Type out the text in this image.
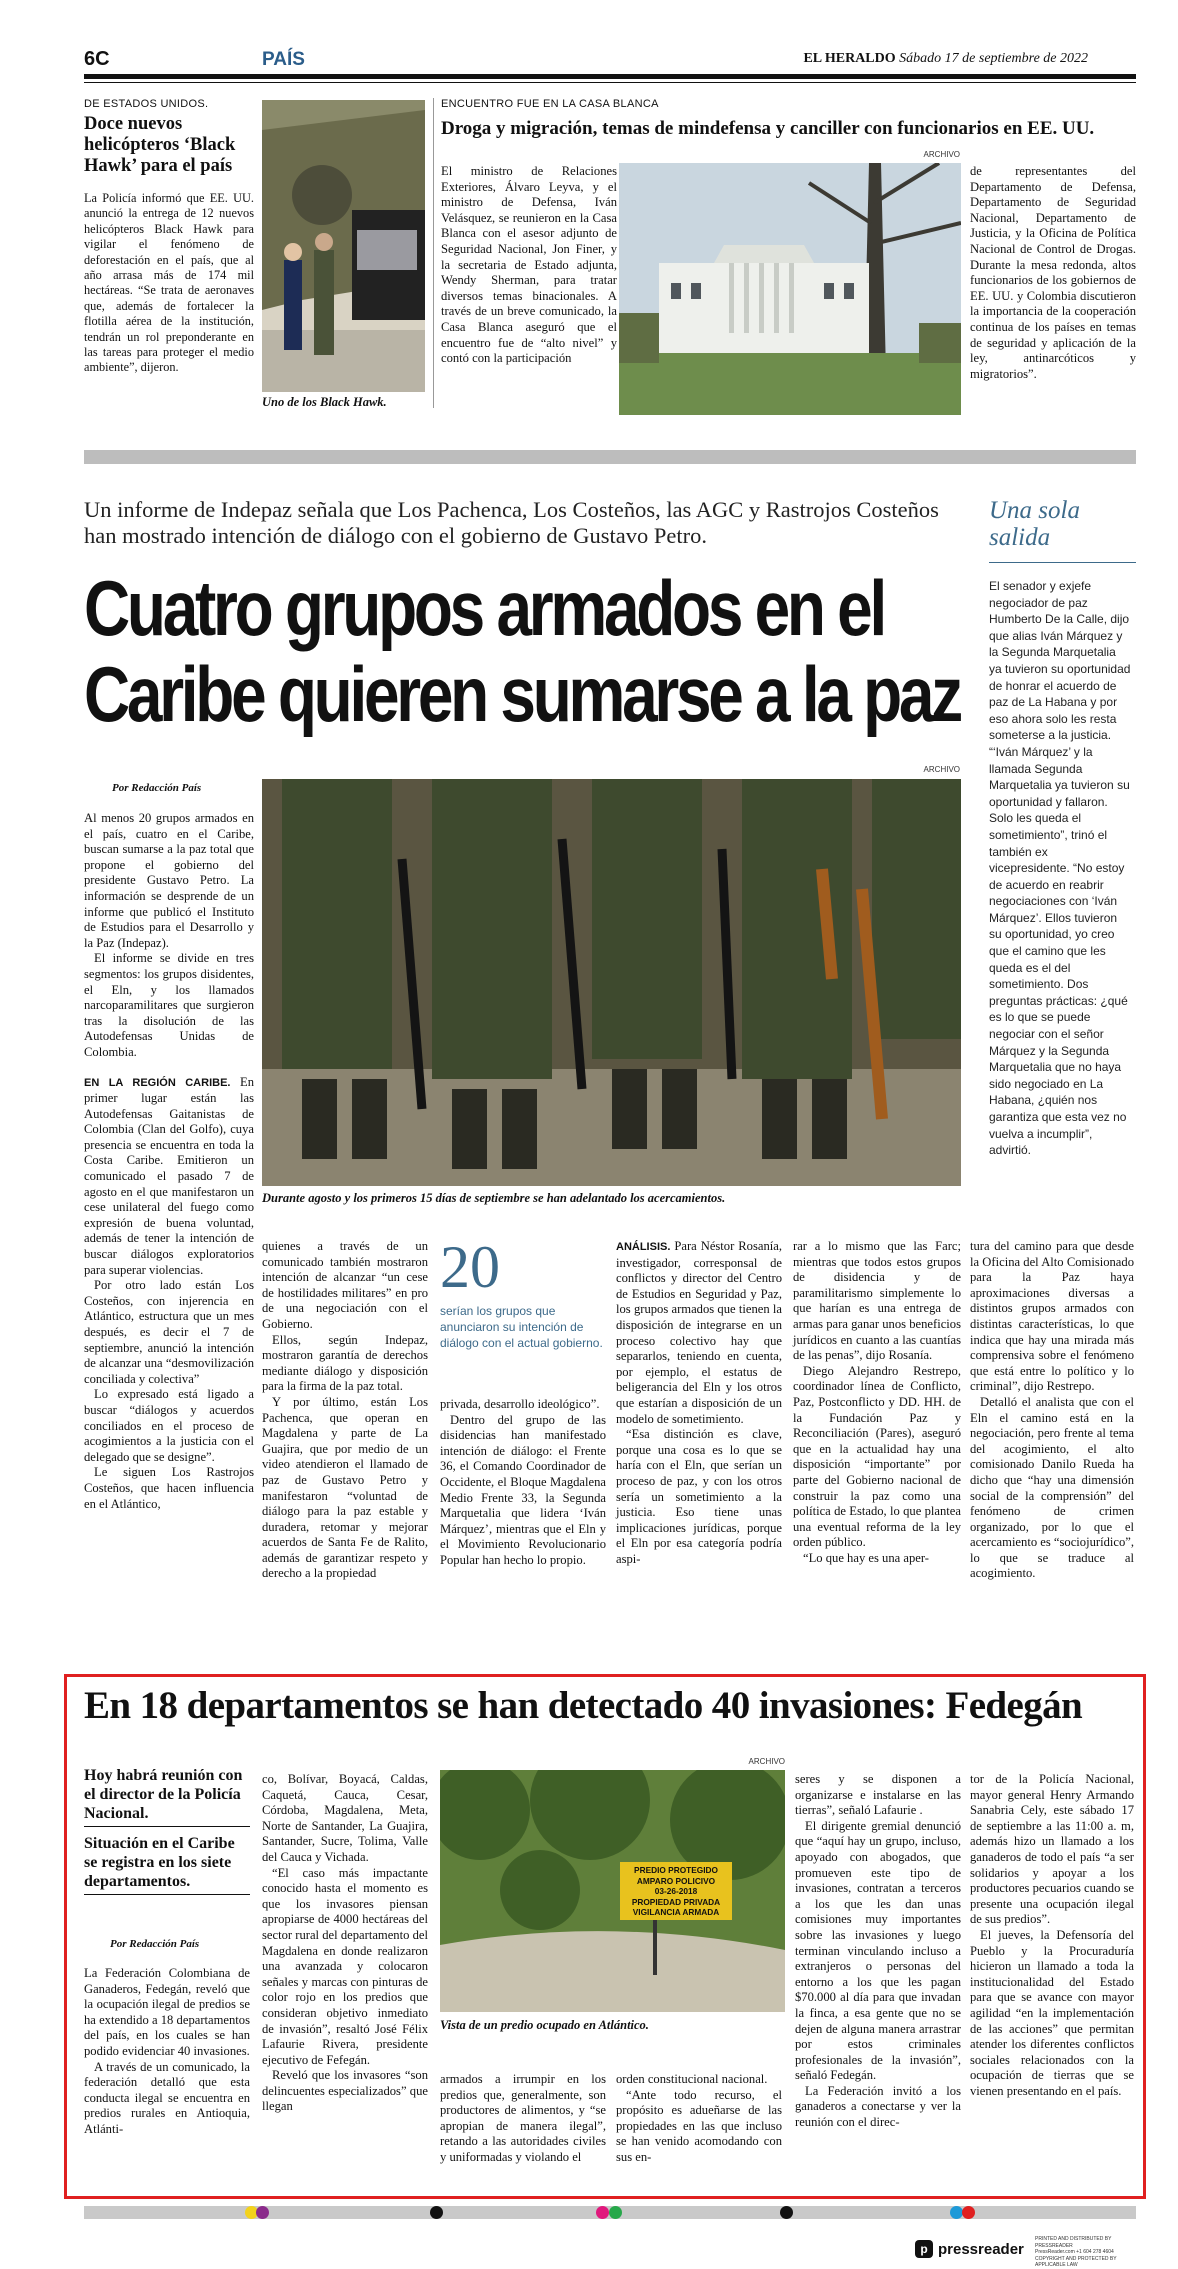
6C	PAÍS	EL HERALDO Sábado 17 de septiembre de 2022
DE ESTADOS UNIDOS.
Doce nuevos helicópteros ‘Black Hawk’ para el país
La Policía informó que EE. UU. anunció la entrega de 12 nuevos helicópteros Black Hawk para vigilar el fenómeno de deforestación en el país, que al año arrasa más de 174 mil hectáreas. “Se trata de aeronaves que, además de fortalecer la flotilla aérea de la institución, tendrán un rol preponderante en las tareas para proteger el medio ambiente”, dijeron.
Uno de los Black Hawk.
ENCUENTRO FUE EN LA CASA BLANCA
Droga y migración, temas de mindefensa y canciller con funcionarios en EE. UU.
ARCHIVO
El ministro de Relaciones Exteriores, Álvaro Leyva, y el ministro de Defensa, Iván Velásquez, se reunieron en la Casa Blanca con el asesor adjunto de Seguridad Nacional, Jon Finer, y la secretaria de Estado adjunta, Wendy Sherman, para tratar diversos temas binacionales. A través de un breve comunicado, la Casa Blanca aseguró que el encuentro fue de “alto nivel” y contó con la participación
de representantes del Departamento de Defensa, Departamento de Seguridad Nacional, Departamento de Justicia, y la Oficina de Política Nacional de Control de Drogas. Durante la mesa redonda, altos funcionarios de los gobiernos de EE. UU. y Colombia discutieron la importancia de la cooperación continua de los países en temas de seguridad y aplicación de la ley, antinarcóticos y migratorios”.
Un informe de Indepaz señala que Los Pachenca, Los Costeños, las AGC y Rastrojos Costeños han mostrado intención de diálogo con el gobierno de Gustavo Petro.
Cuatro grupos armados en el
Caribe quieren sumarse a la paz
Una sola salida
El senador y exjefe negociador de paz Humberto De la Calle, dijo que alias Iván Márquez y la Segunda Marquetalia ya tuvieron su oportunidad de honrar el acuerdo de paz de La Habana y por eso ahora solo les resta someterse a la justicia. “‘Iván Márquez’ y la llamada Segunda Marquetalia ya tuvieron su oportunidad y fallaron. Solo les queda el sometimiento”, trinó el también ex vicepresidente. “No estoy de acuerdo en reabrir negociaciones con ‘Iván Márquez’. Ellos tuvieron su oportunidad, yo creo que el camino que les queda es el del sometimiento. Dos preguntas prácticas: ¿qué es lo que se puede negociar con el señor Márquez y la Segunda Marquetalia que no haya sido negociado en La Habana, ¿quién nos garantiza que esta vez no vuelva a incumplir”, advirtió.
Por Redacción País
ARCHIVO
Durante agosto y los primeros 15 días de septiembre se han adelantado los acercamientos.

Al menos 20 grupos armados en el país, cuatro en el Caribe, buscan sumarse a la paz total que propone el gobierno del presidente Gustavo Petro. La información se desprende de un informe que publicó el Instituto de Estudios para el Desarrollo y la Paz (Indepaz).

El informe se divide en tres segmentos: los grupos disidentes, el Eln, y los llamados narcoparamilitares que surgieron tras la disolución de las Autodefensas Unidas de Colombia.

EN LA REGIÓN CARIBE. En primer lugar están las Autodefensas Gaitanistas de Colombia (Clan del Golfo), cuya presencia se encuentra en toda la Costa Caribe. Emitieron un comunicado el pasado 7 de agosto en el que manifestaron un cese unilateral del fuego como expresión de buena voluntad, además de tener la intención de buscar diálogos exploratorios para superar violencias.

Por otro lado están Los Costeños, con injerencia en Atlántico, estructura que un mes después, es decir el 7 de septiembre, anunció la intención de alcanzar una “desmovilización conciliada y colectiva”

Lo expresado está ligado a buscar “diálogos y acuerdos conciliados en el proceso de acogimientos a la justicia con el delegado que se designe”.

Le siguen Los Rastrojos Costeños, que hacen influencia en el Atlántico,

quienes a través de un comunicado también mostraron intención de alcanzar “un cese de hostilidades militares” en pro de una negociación con el Gobierno.

Ellos, según Indepaz, mostraron garantía de derechos mediante diálogo y disposición para la firma de la paz total.

Y por último, están Los Pachenca, que operan en Magdalena y parte de La Guajira, que por medio de un video atendieron el llamado de paz de Gustavo Petro y manifestaron “voluntad de diálogo para la paz estable y duradera, retomar y mejorar acuerdos de Santa Fe de Ralito, además de garantizar respeto y derecho a la propiedad

20
serían los grupos que anunciaron su intención de diálogo con el actual gobierno.

privada, desarrollo ideológico”.

Dentro del grupo de las disidencias han manifestado intención de diálogo: el Frente 36, el Comando Coordinador de Occidente, el Bloque Magdalena Medio Frente 33, la Segunda Marquetalia que lidera ‘Iván Márquez’, mientras que el Eln y el Movimiento Revolucionario Popular han hecho lo propio.

ANÁLISIS. Para Néstor Rosanía, investigador, corresponsal de conflictos y director del Centro de Estudios en Seguridad y Paz, los grupos armados que tienen la disposición de integrarse en un proceso colectivo hay que separarlos, teniendo en cuenta, por ejemplo, el estatus de beligerancia del Eln y los otros que estarían a disposición de un modelo de sometimiento.

“Esa distinción es clave, porque una cosa es lo que se haría con el Eln, que serían un proceso de paz, y con los otros sería un sometimiento a la justicia. Eso tiene unas implicaciones jurídicas, porque el Eln por esa categoría podría aspi-

rar a lo mismo que las Farc; mientras que todos estos grupos de disidencia y de paramilitarismo simplemente lo que harían es una entrega de armas para ganar unos beneficios jurídicos en cuanto a las cuantías de las penas”, dijo Rosanía.

Diego Alejandro Restrepo, coordinador línea de Conflicto, Paz, Postconflicto y DD. HH. de la Fundación Paz y Reconciliación (Pares), aseguró que en la actualidad hay una disposición “importante” por parte del Gobierno nacional de construir la paz como una política de Estado, lo que plantea una eventual reforma de la ley orden público.

“Lo que hay es una aper-

tura del camino para que desde la Oficina del Alto Comisionado para la Paz haya aproximaciones diversas a distintos grupos armados con distintas características, lo que indica que hay una mirada más comprensiva sobre el fenómeno que está entre lo político y lo criminal”, dijo Restrepo.

Detalló el analista que con el Eln el camino está en la negociación, pero frente al tema del acogimiento, el alto comisionado Danilo Rueda ha dicho que “hay una dimensión social de la comprensión” del fenómeno de crimen organizado, por lo que el acercamiento es “sociojurídico”, lo que se traduce al acogimiento.

En 18 departamentos se han detectado 40 invasiones: Fedegán
Hoy habrá reunión con el director de la Policía Nacional.
Situación en el Caribe se registra en los siete departamentos.
Por Redacción País

La Federación Colombiana de Ganaderos, Fedegán, reveló que la ocupación ilegal de predios se ha extendido a 18 departamentos del país, en los cuales se han podido evidenciar 40 invasiones.

A través de un comunicado, la federación detalló que esta conducta ilegal se encuentra en predios rurales en Antioquia, Atlánti-

co, Bolívar, Boyacá, Caldas, Caquetá, Cauca, Cesar, Córdoba, Magdalena, Meta, Norte de Santander, La Guajira, Santander, Sucre, Tolima, Valle del Cauca y Vichada.

“El caso más impactante conocido hasta el momento es que los invasores piensan apropiarse de 4000 hectáreas del sector rural del departamento del Magdalena en donde realizaron una avanzada y colocaron señales y marcas con pinturas de color rojo en los predios que consideran objetivo inmediato de invasión”, resaltó José Félix Lafaurie Rivera, presidente ejecutivo de Fefegán.

Reveló que los invasores “son delincuentes especializados” que llegan

ARCHIVO
PREDIO PROTEGIDO
AMPARO POLICIVO
03-26-2018
PROPIEDAD PRIVADA
VIGILANCIA ARMADA
Vista de un predio ocupado en Atlántico.

armados a irrumpir en los predios que, generalmente, son productores de alimentos, y “se apropian de manera ilegal”, retando a las autoridades civiles y uniformadas y violando el

orden constitucional nacional.

“Ante todo recurso, el propósito es adueñarse de las propiedades en las que incluso se han venido acomodando con sus en-

seres y se disponen a organizarse e instalarse en las tierras”, señaló Lafaurie .

El dirigente gremial denunció que “aquí hay un grupo, incluso, apoyado con abogados, que promueven este tipo de invasiones, contratan a terceros a los que les dan unas comisiones muy importantes sobre las invasiones y luego terminan vinculando incluso a extranjeros o personas del entorno a los que les pagan $70.000 al día para que invadan la finca, a esa gente que no se dejen de alguna manera arrastrar por estos criminales profesionales de la invasión”, señaló Fedegán.

La Federación invitó a los ganaderos a conectarse y ver la reunión con el direc-

tor de la Policía Nacional, mayor general Henry Armando Sanabria Cely, este sábado 17 de septiembre a las 11:00 a. m, además hizo un llamado a los ganaderos de todo el país “a ser solidarios y apoyar a los productores pecuarios cuando se presente una ocupación ilegal de sus predios”.

El jueves, la Defensoría del Pueblo y la Procuraduría hicieron un llamado a toda la institucionalidad del Estado para que se avance con mayor agilidad “en la implementación de las acciones” que permitan atender los diferentes conflictos sociales relacionados con la ocupación de tierras que se vienen presentando en el país.

p pressreader
PRINTED AND DISTRIBUTED BY PRESSREADER
PressReader.com +1 604 278 4604
COPYRIGHT AND PROTECTED BY APPLICABLE LAW
